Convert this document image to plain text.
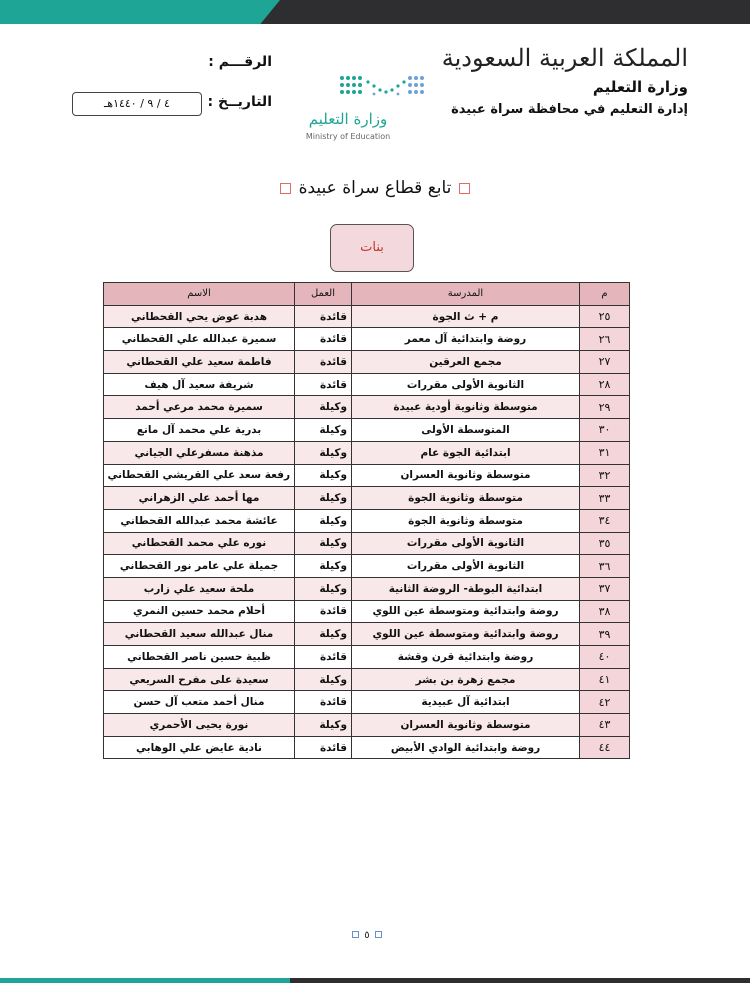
المملكة العربية السعودية
وزارة التعليم
إدارة التعليم في محافظة سراة عبيدة
وزارة التعليم
Ministry of Education
الرقـــم :
التاريــخ :
٤ / ٩ / ١٤٤٠هـ
تابع قطاع سراة عبيدة
بنات
م	المدرسة	العمل	الاسم
٢٥	م + ث الجوة	قائدة	هدبة عوض يحي القحطاني
٢٦	روضة وابتدائية آل معمر	قائدة	سميرة عبدالله علي القحطاني
٢٧	مجمع العرقين	قائدة	فاطمة سعيد علي القحطاني
٢٨	الثانوية الأولى مقررات	قائدة	شريفة سعيد آل هيف
٢٩	متوسطة وثانوية أودية عبيدة	وكيلة	سميرة محمد مرعي أحمد
٣٠	المتوسطة الأولى	وكيلة	بدرية علي محمد آل مانع
٣١	ابتدائية الجوة عام	وكيلة	مذهنة مسفرعلي الجياني
٣٢	متوسطة وثانوية العسران	وكيلة	رفعة سعد علي القريشي القحطاني
٣٣	متوسطة وثانوية الجوة	وكيلة	مها أحمد علي الزهراني
٣٤	متوسطة وثانوية الجوة	وكيلة	عائشة محمد عبدالله القحطاني
٣٥	الثانوية الأولى مقررات	وكيلة	نوره علي محمد القحطاني
٣٦	الثانوية الأولى مقررات	وكيلة	جميلة علي عامر نور القحطاني
٣٧	ابتدائية البوطة- الروضة الثانية	وكيلة	ملحة سعيد علي زارب
٣٨	روضة وابتدائية ومتوسطة عين اللوي	قائدة	أحلام محمد حسين النمري
٣٩	روضة وابتدائية ومتوسطة عين اللوي	وكيلة	منال عبدالله سعيد القحطاني
٤٠	روضة وابتدائية قرن وقشة	قائدة	ظبية حسين ناصر القحطاني
٤١	مجمع زهرة بن بشر	وكيلة	سعيدة على مفرح السريعي
٤٢	ابتدائية آل عبيدية	قائدة	منال أحمد متعب آل حسن
٤٣	متوسطة وثانوية العسران	وكيلة	نورة يحيى الأحمري
٤٤	روضة وابتدائية الوادي الأبيض	قائدة	نادية عايض علي الوهابي
٥
